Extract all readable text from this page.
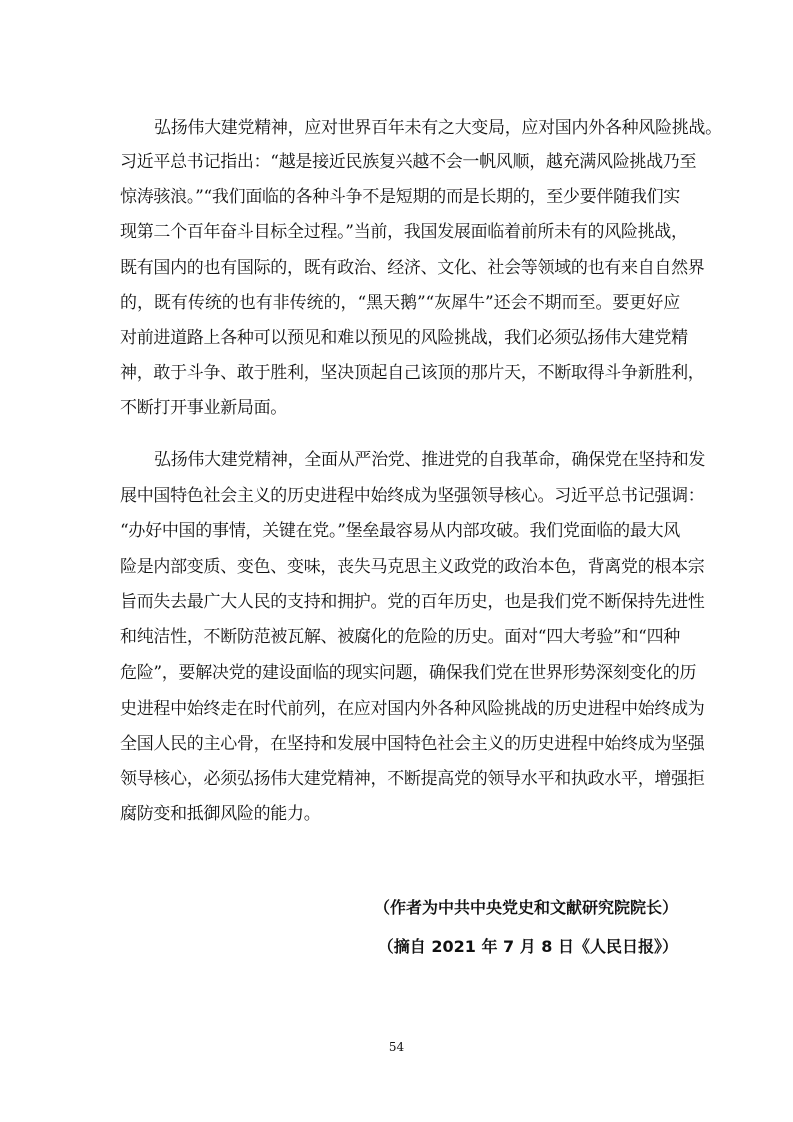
弘扬伟大建党精神，应对世界百年未有之大变局，应对国内外各种风险挑战。
习近平总书记指出：“越是接近民族复兴越不会一帆风顺，越充满风险挑战乃至
惊涛骇浪。”“我们面临的各种斗争不是短期的而是长期的，至少要伴随我们实
现第二个百年奋斗目标全过程。”当前，我国发展面临着前所未有的风险挑战，
既有国内的也有国际的，既有政治、经济、文化、社会等领域的也有来自自然界
的，既有传统的也有非传统的，“黑天鹅”“灰犀牛”还会不期而至。要更好应
对前进道路上各种可以预见和难以预见的风险挑战，我们必须弘扬伟大建党精
神，敢于斗争、敢于胜利，坚决顶起自己该顶的那片天，不断取得斗争新胜利，
不断打开事业新局面。
弘扬伟大建党精神，全面从严治党、推进党的自我革命，确保党在坚持和发
展中国特色社会主义的历史进程中始终成为坚强领导核心。习近平总书记强调：
“办好中国的事情，关键在党。”堡垒最容易从内部攻破。我们党面临的最大风
险是内部变质、变色、变味，丧失马克思主义政党的政治本色，背离党的根本宗
旨而失去最广大人民的支持和拥护。党的百年历史，也是我们党不断保持先进性
和纯洁性，不断防范被瓦解、被腐化的危险的历史。面对“四大考验”和“四种
危险”，要解决党的建设面临的现实问题，确保我们党在世界形势深刻变化的历
史进程中始终走在时代前列，在应对国内外各种风险挑战的历史进程中始终成为
全国人民的主心骨，在坚持和发展中国特色社会主义的历史进程中始终成为坚强
领导核心，必须弘扬伟大建党精神，不断提高党的领导水平和执政水平，增强拒
腐防变和抵御风险的能力。
（作者为中共中央党史和文献研究院院长）
（摘自 2021 年 7 月 8 日《人民日报》）
54
